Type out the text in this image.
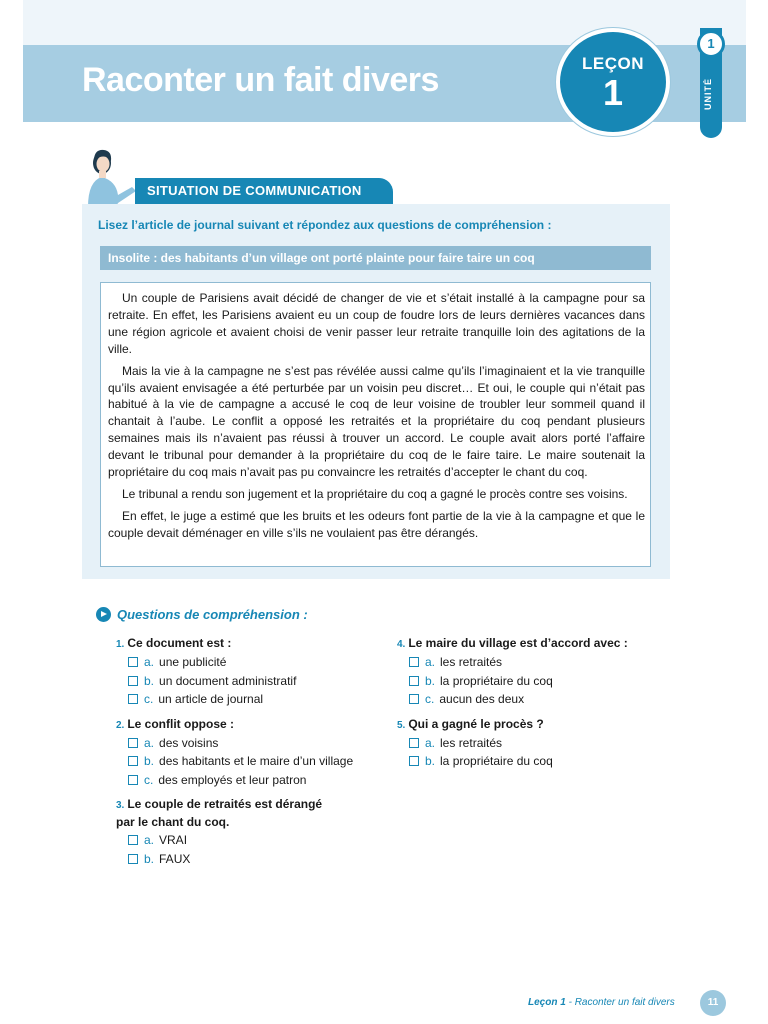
Raconter un fait divers	LEÇON
1
1
UNITÉ
SITUATION DE COMMUNICATION
Lisez l’article de journal suivant et répondez aux questions de compréhension :
Insolite : des habitants d’un village ont porté plainte pour faire taire un coq

Un couple de Parisiens avait décidé de changer de vie et s’était installé à la campagne pour sa retraite. En effet, les Parisiens avaient eu un coup de foudre lors de leurs dernières vacances dans une région agricole et avaient choisi de venir passer leur retraite tranquille loin des agitations de la ville.

Mais la vie à la campagne ne s’est pas révélée aussi calme qu’ils l’imaginaient et la vie tranquille qu’ils avaient envisagée a été perturbée par un voisin peu discret… Et oui, le couple qui n’était pas habitué à la vie de campagne a accusé le coq de leur voisine de troubler leur sommeil quand il chantait à l’aube. Le conflit a opposé les retraités et la propriétaire du coq pendant plusieurs semaines mais ils n’avaient pas réussi à trouver un accord. Le couple avait alors porté l’affaire devant le tribunal pour demander à la propriétaire du coq de le faire taire. Le maire soutenait la propriétaire du coq mais n’avait pas pu convaincre les retraités d’accepter le chant du coq.

Le tribunal a rendu son jugement et la propriétaire du coq a gagné le procès contre ses voisins.

En effet, le juge a estimé que les bruits et les odeurs font partie de la vie à la campagne et que le couple devait déménager en ville s’ils ne voulaient pas être dérangés.

Questions de compréhension :
1. Ce document est :
a. une publicité
b. un document administratif
c. un article de journal
2. Le conflit oppose :
a. des voisins
b. des habitants et le maire d’un village
c. des employés et leur patron
3. Le couple de retraités est dérangé
par le chant du coq.
a. VRAI
b. FAUX
4. Le maire du village est d’accord avec :
a. les retraités
b. la propriétaire du coq
c. aucun des deux
5. Qui a gagné le procès ?
a. les retraités
b. la propriétaire du coq
Leçon 1 - Raconter un fait divers	11
